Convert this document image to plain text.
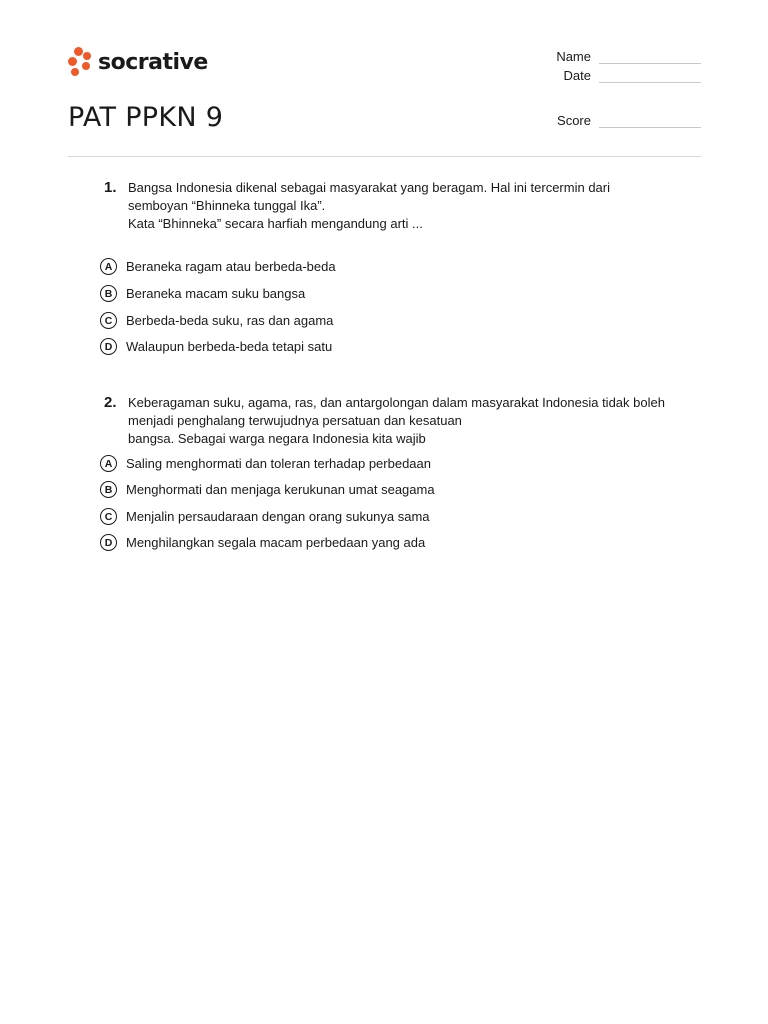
socrative
PAT PPKN 9
Name
Date
Score
1. Bangsa Indonesia dikenal sebagai masyarakat yang beragam. Hal ini tercermin dari
semboyan “Bhinneka tunggal Ika”.
Kata “Bhinneka” secara harfiah mengandung arti ...
A	Beraneka ragam atau berbeda-beda
B	Beraneka macam suku bangsa
C	Berbeda-beda suku, ras dan agama
D	Walaupun berbeda-beda tetapi satu
2. Keberagaman suku, agama, ras, dan antargolongan dalam masyarakat Indonesia tidak boleh
menjadi penghalang terwujudnya persatuan dan kesatuan
bangsa. Sebagai warga negara Indonesia kita wajib
A	Saling menghormati dan toleran terhadap perbedaan
B	Menghormati dan menjaga kerukunan umat seagama
C	Menjalin persaudaraan dengan orang sukunya sama
D	Menghilangkan segala macam perbedaan yang ada
